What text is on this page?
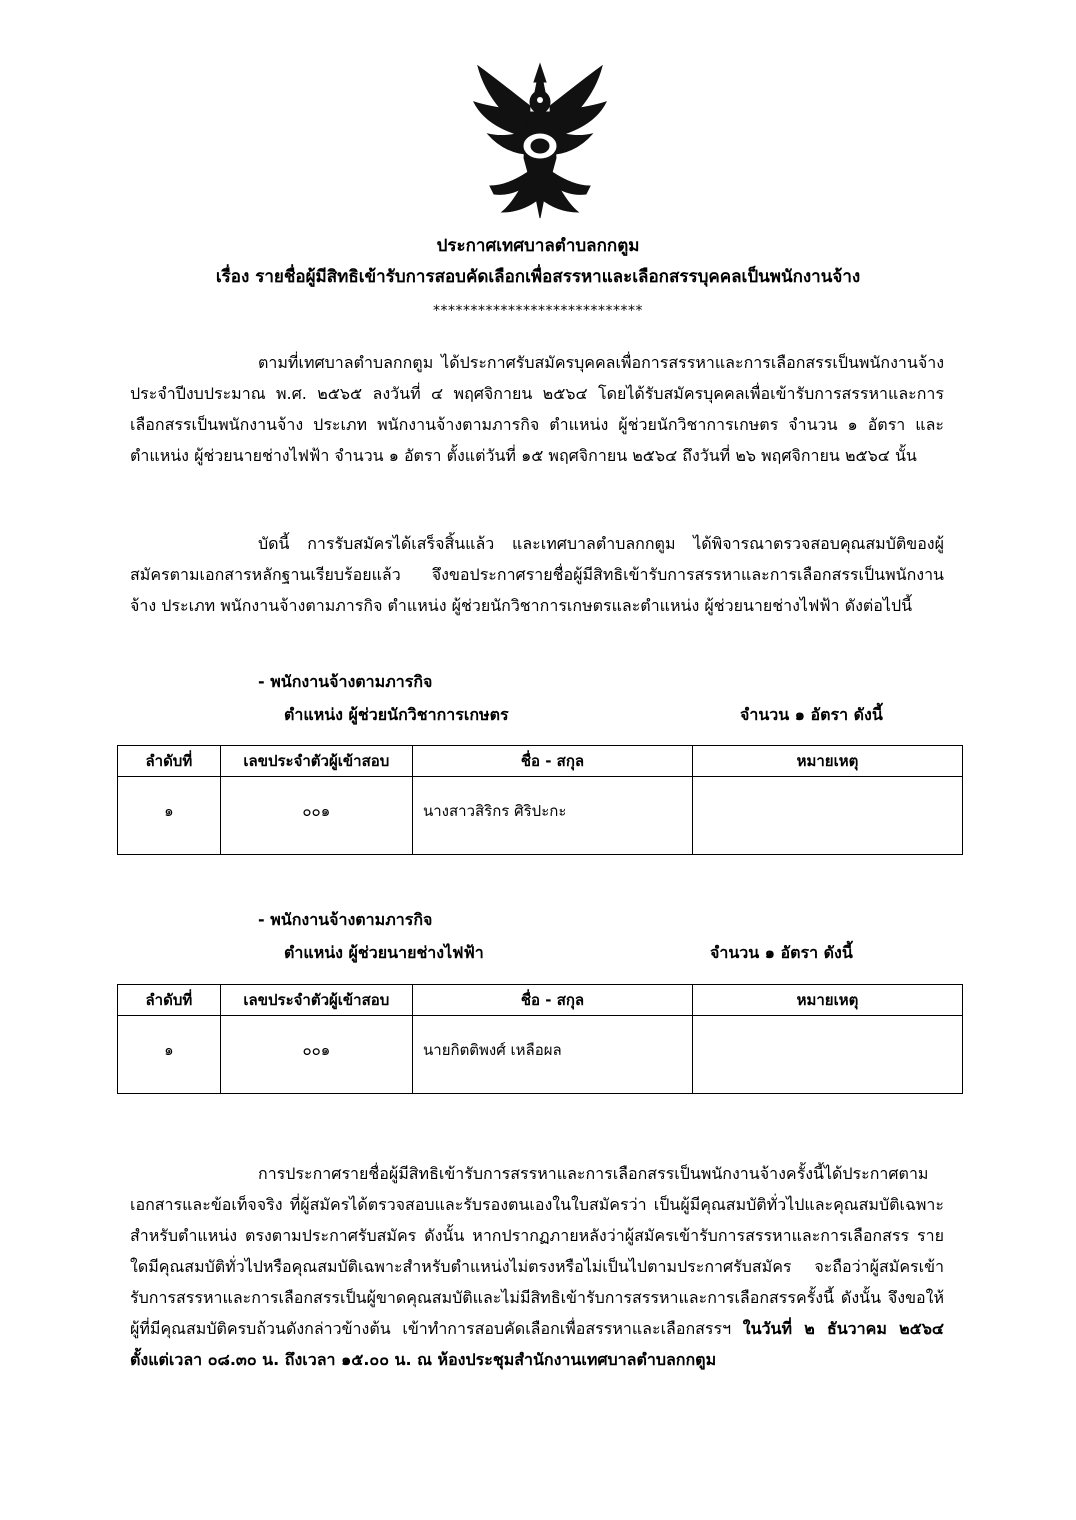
ประกาศเทศบาลตำบลกกตูม
เรื่อง รายชื่อผู้มีสิทธิเข้ารับการสอบคัดเลือกเพื่อสรรหาและเลือกสรรบุคคลเป็นพนักงานจ้าง
****************************

ตามที่เทศบาลตำบลกกตูม ได้ประกาศรับสมัครบุคคลเพื่อการสรรหาและการเลือกสรรเป็นพนักงานจ้าง ประจำปีงบประมาณ พ.ศ. ๒๕๖๕ ลงวันที่ ๔ พฤศจิกายน ๒๕๖๔ โดยได้รับสมัครบุคคลเพื่อเข้ารับการสรรหาและการเลือกสรรเป็นพนักงานจ้าง ประเภท พนักงานจ้างตามภารกิจ ตำแหน่ง ผู้ช่วยนักวิชาการเกษตร จำนวน ๑ อัตรา และ ตำแหน่ง ผู้ช่วยนายช่างไฟฟ้า จำนวน ๑ อัตรา ตั้งแต่วันที่ ๑๕ พฤศจิกายน ๒๕๖๔ ถึงวันที่ ๒๖ พฤศจิกายน ๒๕๖๔ นั้น

บัดนี้ การรับสมัครได้เสร็จสิ้นแล้ว และเทศบาลตำบลกกตูม ได้พิจารณาตรวจสอบคุณสมบัติของผู้สมัครตามเอกสารหลักฐานเรียบร้อยแล้ว จึงขอประกาศรายชื่อผู้มีสิทธิเข้ารับการสรรหาและการเลือกสรรเป็นพนักงานจ้าง ประเภท พนักงานจ้างตามภารกิจ ตำแหน่ง ผู้ช่วยนักวิชาการเกษตรและตำแหน่ง ผู้ช่วยนายช่างไฟฟ้า ดังต่อไปนี้

- พนักงานจ้างตามภารกิจ
ตำแหน่ง ผู้ช่วยนักวิชาการเกษตร	จำนวน ๑ อัตรา ดังนี้
ลำดับที่	เลขประจำตัวผู้เข้าสอบ	ชื่อ - สกุล	หมายเหตุ
๑	๐๐๑	นางสาวสิริกร ศิริปะกะ	
- พนักงานจ้างตามภารกิจ
ตำแหน่ง ผู้ช่วยนายช่างไฟฟ้า	จำนวน ๑ อัตรา ดังนี้
ลำดับที่	เลขประจำตัวผู้เข้าสอบ	ชื่อ - สกุล	หมายเหตุ
๑	๐๐๑	นายกิตติพงศ์ เหลือผล	

การประกาศรายชื่อผู้มีสิทธิเข้ารับการสรรหาและการเลือกสรรเป็นพนักงานจ้างครั้งนี้ได้ประกาศตามเอกสารและข้อเท็จจริง ที่ผู้สมัครได้ตรวจสอบและรับรองตนเองในใบสมัครว่า เป็นผู้มีคุณสมบัติทั่วไปและคุณสมบัติเฉพาะสำหรับตำแหน่ง ตรงตามประกาศรับสมัคร ดังนั้น หากปรากฏภายหลังว่าผู้สมัครเข้ารับการสรรหาและการเลือกสรร รายใดมีคุณสมบัติทั่วไปหรือคุณสมบัติเฉพาะสำหรับตำแหน่งไม่ตรงหรือไม่เป็นไปตามประกาศรับสมัคร จะถือว่าผู้สมัครเข้ารับการสรรหาและการเลือกสรรเป็นผู้ขาดคุณสมบัติและไม่มีสิทธิเข้ารับการสรรหาและการเลือกสรรครั้งนี้ ดังนั้น จึงขอให้ผู้ที่มีคุณสมบัติครบถ้วนดังกล่าวข้างต้น เข้าทำการสอบคัดเลือกเพื่อสรรหาและเลือกสรรฯ ในวันที่ ๒ ธันวาคม ๒๕๖๔ ตั้งแต่เวลา ๐๘.๓๐ น. ถึงเวลา ๑๕.๐๐ น. ณ ห้องประชุมสำนักงานเทศบาลตำบลกกตูม
